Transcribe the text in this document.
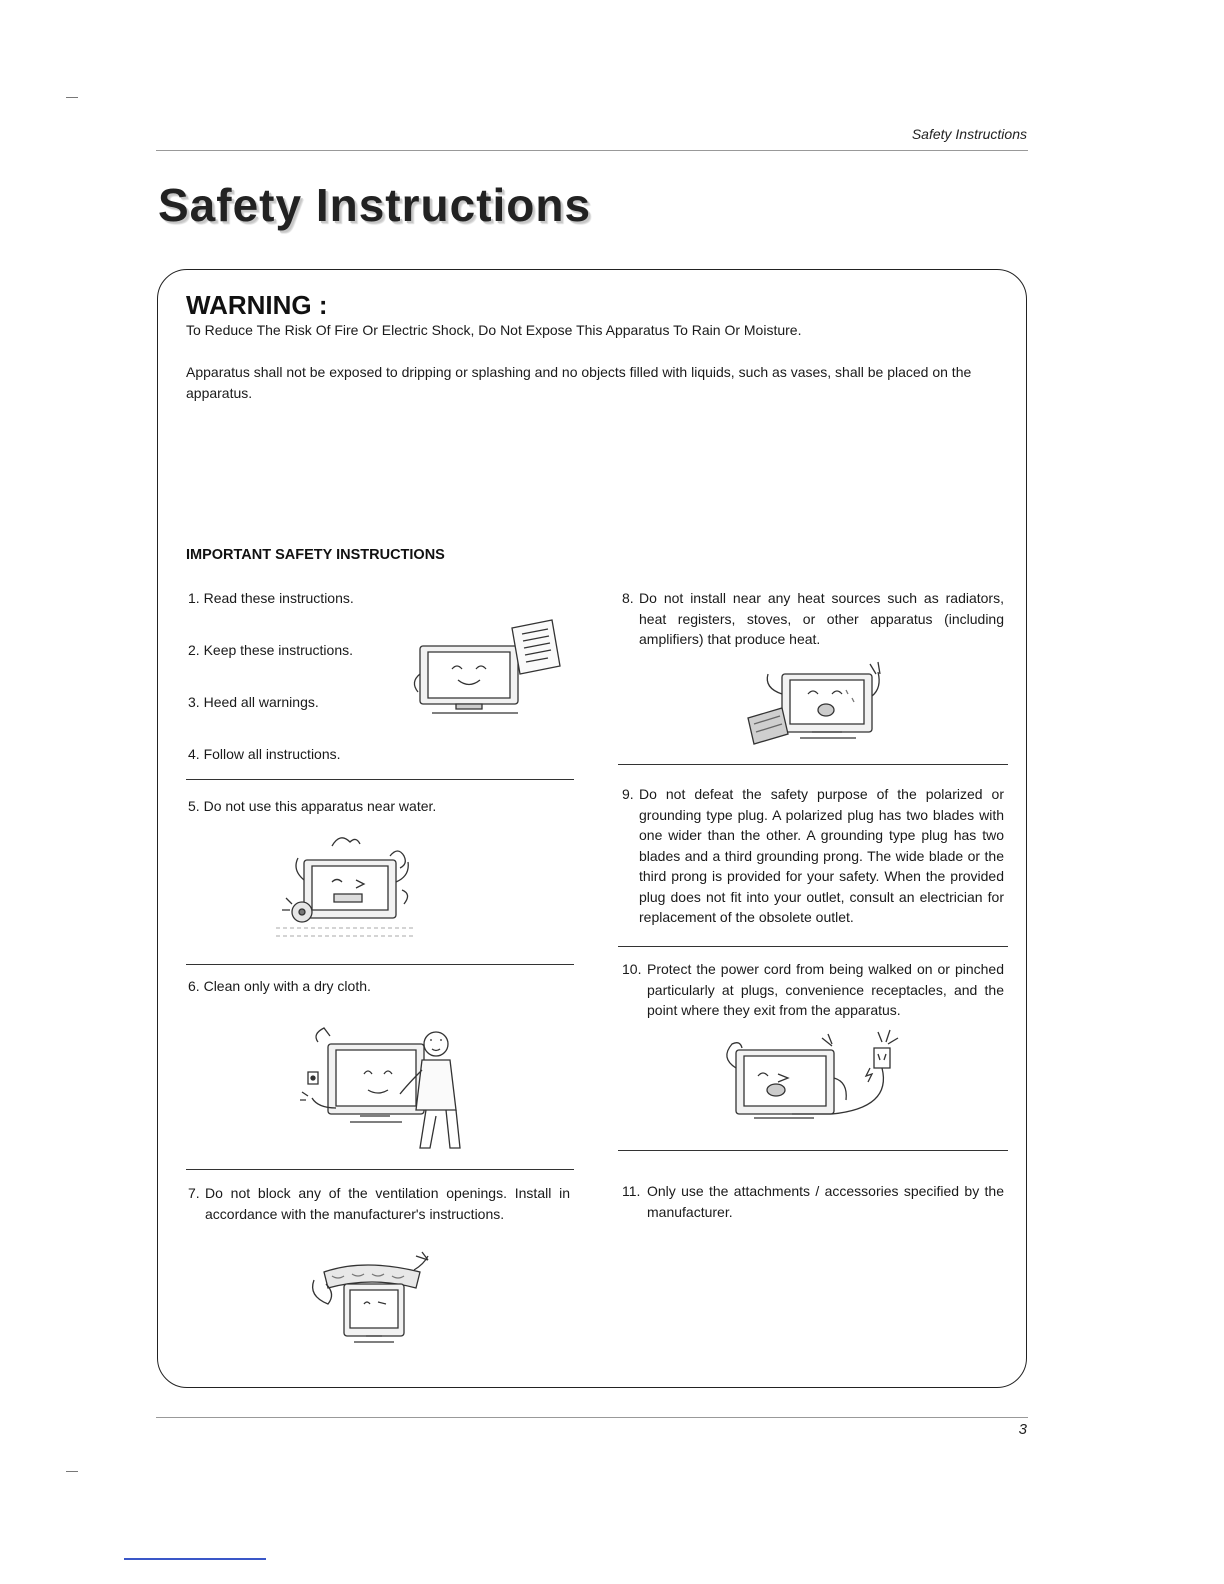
Safety Instructions
Safety Instructions
WARNING :

To Reduce The Risk Of Fire Or Electric Shock, Do Not Expose This Apparatus To Rain Or Moisture.

Apparatus shall not be exposed to dripping or splashing and no objects filled with liquids, such as vases, shall be placed on the

apparatus.

IMPORTANT SAFETY INSTRUCTIONS
1. Read these instructions.
2. Keep these instructions.
3. Heed all warnings.
4. Follow all instructions.
5. Do not use this apparatus near water.
6. Clean only with a dry cloth.
7. Do not block any of the ventilation openings. Install in accordance with the manufacturer's instructions.
8. Do not install near any heat sources such as radiators, heat registers, stoves, or other apparatus (including amplifiers) that produce heat.
9. Do not defeat the safety purpose of the polarized or grounding type plug. A polarized plug has two blades with one wider than the other. A grounding type plug has two blades and a third grounding prong. The wide blade or the third prong is provided for your safety. When the provided plug does not fit into your outlet, consult an electrician for replacement of the obsolete outlet.
10. Protect the power cord from being walked on or pinched particularly at plugs, convenience receptacles, and the point where they exit from the apparatus.
11. Only use the attachments / accessories specified by the manufacturer.
3
